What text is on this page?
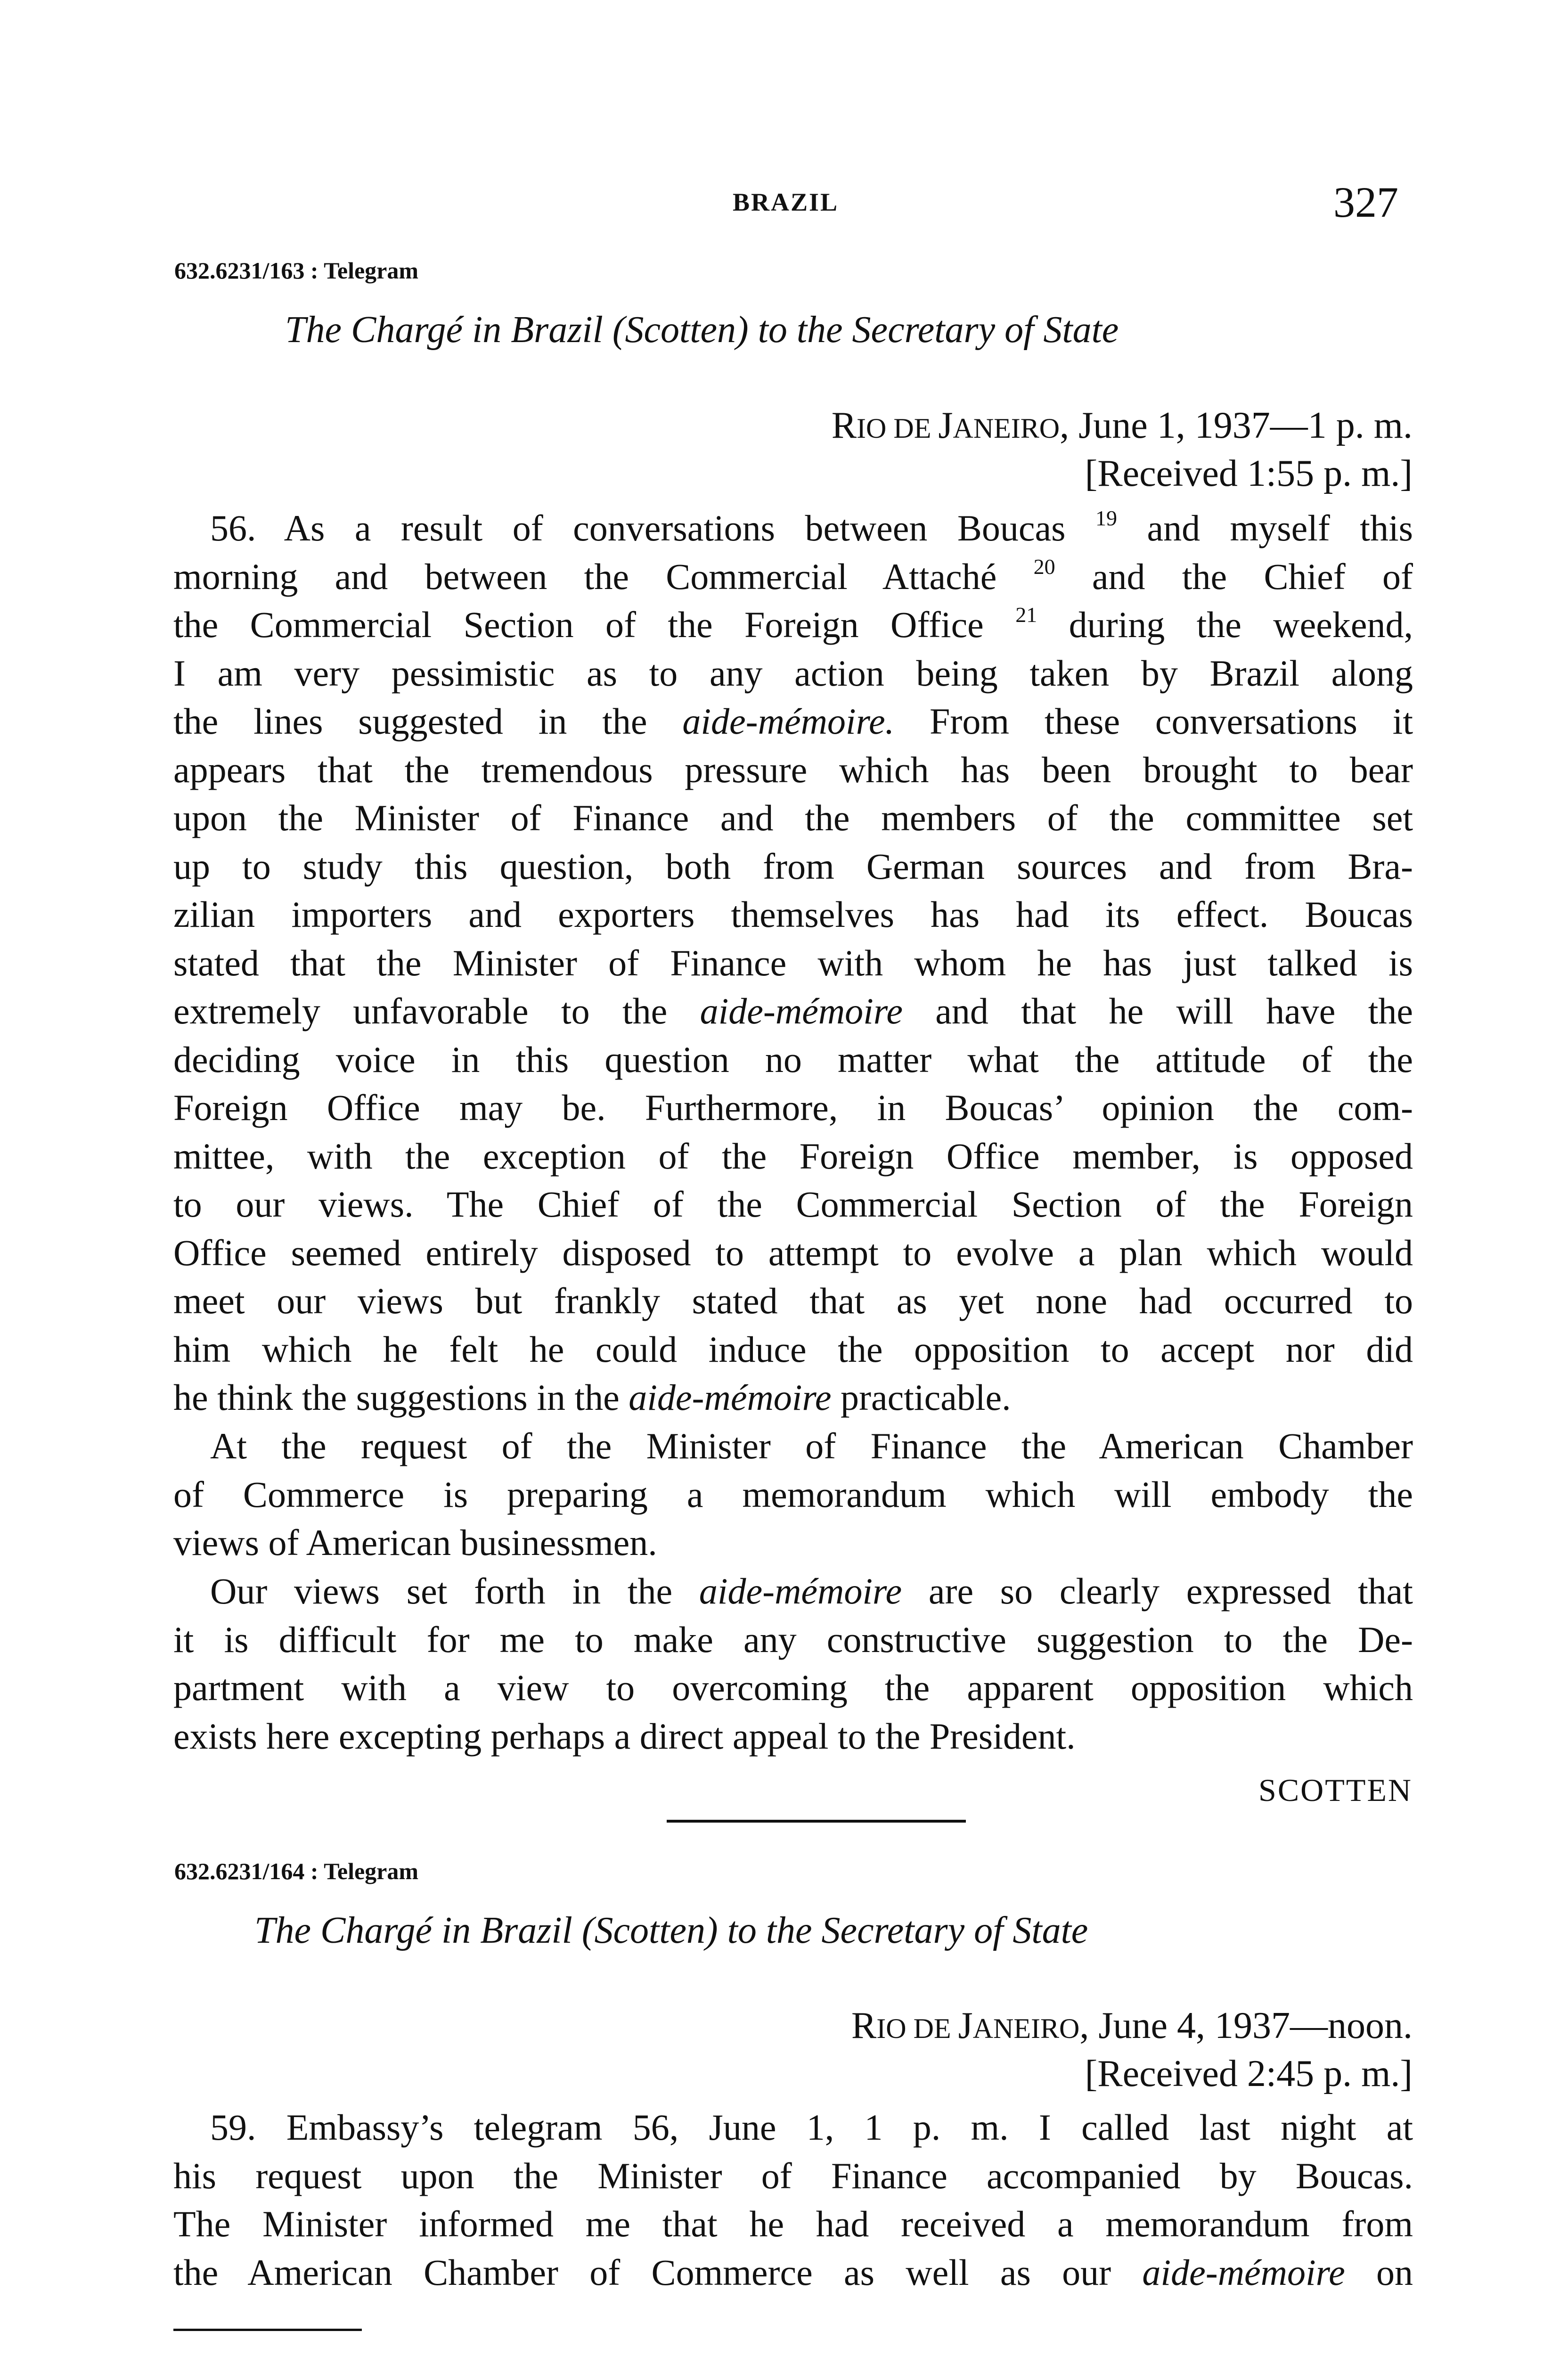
BRAZIL	327
632.6231/163 : Telegram
The Chargé in Brazil (Scotten) to the Secretary of State
RIO DE JANEIRO, June 1, 1937—1 p. m.
[Received 1:55 p. m.]
56. As a result of conversations between Boucas $^{19}$ and myself this
morning and between the Commercial Attaché $^{20}$ and the Chief of
the Commercial Section of the Foreign Office $^{21}$ during the weekend,
I am very pessimistic as to any action being taken by Brazil along
the lines suggested in the aide-mémoire. From these conversations it
appears that the tremendous pressure which has been brought to bear
upon the Minister of Finance and the members of the committee set
up to study this question, both from German sources and from Bra-
zilian importers and exporters themselves has had its effect. Boucas
stated that the Minister of Finance with whom he has just talked is
extremely unfavorable to the aide-mémoire and that he will have the
deciding voice in this question no matter what the attitude of the
Foreign Office may be. Furthermore, in Boucas’ opinion the com-
mittee, with the exception of the Foreign Office member, is opposed
to our views. The Chief of the Commercial Section of the Foreign
Office seemed entirely disposed to attempt to evolve a plan which would
meet our views but frankly stated that as yet none had occurred to
him which he felt he could induce the opposition to accept nor did
he think the suggestions in the aide-mémoire practicable.
At the request of the Minister of Finance the American Chamber
of Commerce is preparing a memorandum which will embody the
views of American businessmen.
Our views set forth in the aide-mémoire are so clearly expressed that
it is difficult for me to make any constructive suggestion to the De-
partment with a view to overcoming the apparent opposition which
exists here excepting perhaps a direct appeal to the President.
SCOTTEN
632.6231/164 : Telegram
The Chargé in Brazil (Scotten) to the Secretary of State
RIO DE JANEIRO, June 4, 1937—noon.
[Received 2:45 p. m.]
59. Embassy’s telegram 56, June 1, 1 p. m. I called last night at
his request upon the Minister of Finance accompanied by Boucas.
The Minister informed me that he had received a memorandum from
the American Chamber of Commerce as well as our aide-mémoire on
